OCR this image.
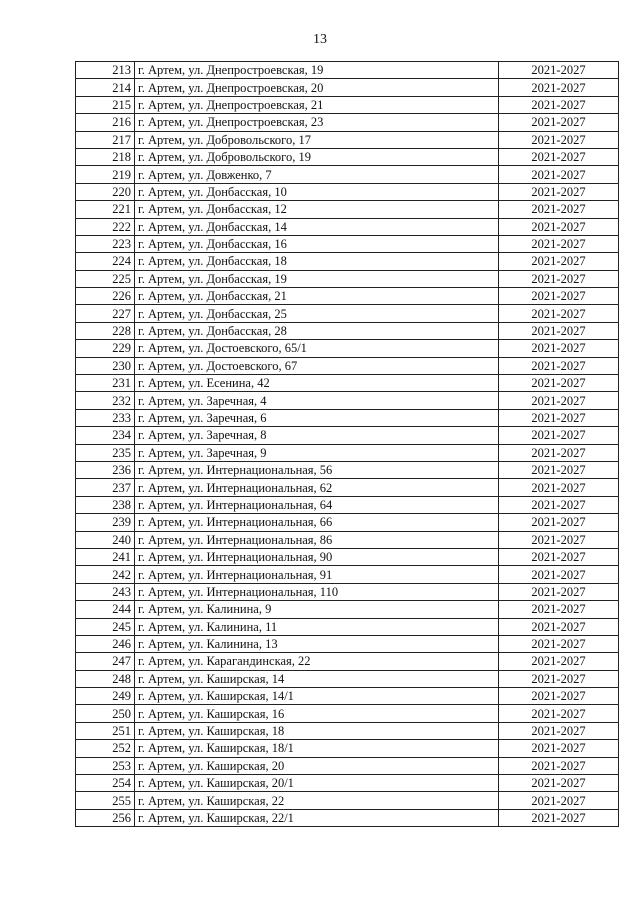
13
213	г. Артем, ул. Днепростроевская, 19	2021-2027
214	г. Артем, ул. Днепростроевская, 20	2021-2027
215	г. Артем, ул. Днепростроевская, 21	2021-2027
216	г. Артем, ул. Днепростроевская, 23	2021-2027
217	г. Артем, ул. Добровольского, 17	2021-2027
218	г. Артем, ул. Добровольского, 19	2021-2027
219	г. Артем, ул. Довженко, 7	2021-2027
220	г. Артем, ул. Донбасская, 10	2021-2027
221	г. Артем, ул. Донбасская, 12	2021-2027
222	г. Артем, ул. Донбасская, 14	2021-2027
223	г. Артем, ул. Донбасская, 16	2021-2027
224	г. Артем, ул. Донбасская, 18	2021-2027
225	г. Артем, ул. Донбасская, 19	2021-2027
226	г. Артем, ул. Донбасская, 21	2021-2027
227	г. Артем, ул. Донбасская, 25	2021-2027
228	г. Артем, ул. Донбасская, 28	2021-2027
229	г. Артем, ул. Достоевского, 65/1	2021-2027
230	г. Артем, ул. Достоевского, 67	2021-2027
231	г. Артем, ул. Есенина, 42	2021-2027
232	г. Артем, ул. Заречная, 4	2021-2027
233	г. Артем, ул. Заречная, 6	2021-2027
234	г. Артем, ул. Заречная, 8	2021-2027
235	г. Артем, ул. Заречная, 9	2021-2027
236	г. Артем, ул. Интернациональная, 56	2021-2027
237	г. Артем, ул. Интернациональная, 62	2021-2027
238	г. Артем, ул. Интернациональная, 64	2021-2027
239	г. Артем, ул. Интернациональная, 66	2021-2027
240	г. Артем, ул. Интернациональная, 86	2021-2027
241	г. Артем, ул. Интернациональная, 90	2021-2027
242	г. Артем, ул. Интернациональная, 91	2021-2027
243	г. Артем, ул. Интернациональная, 110	2021-2027
244	г. Артем, ул. Калинина, 9	2021-2027
245	г. Артем, ул. Калинина, 11	2021-2027
246	г. Артем, ул. Калинина, 13	2021-2027
247	г. Артем, ул. Карагандинская, 22	2021-2027
248	г. Артем, ул. Каширская, 14	2021-2027
249	г. Артем, ул. Каширская, 14/1	2021-2027
250	г. Артем, ул. Каширская, 16	2021-2027
251	г. Артем, ул. Каширская, 18	2021-2027
252	г. Артем, ул. Каширская, 18/1	2021-2027
253	г. Артем, ул. Каширская, 20	2021-2027
254	г. Артем, ул. Каширская, 20/1	2021-2027
255	г. Артем, ул. Каширская, 22	2021-2027
256	г. Артем, ул. Каширская, 22/1	2021-2027
